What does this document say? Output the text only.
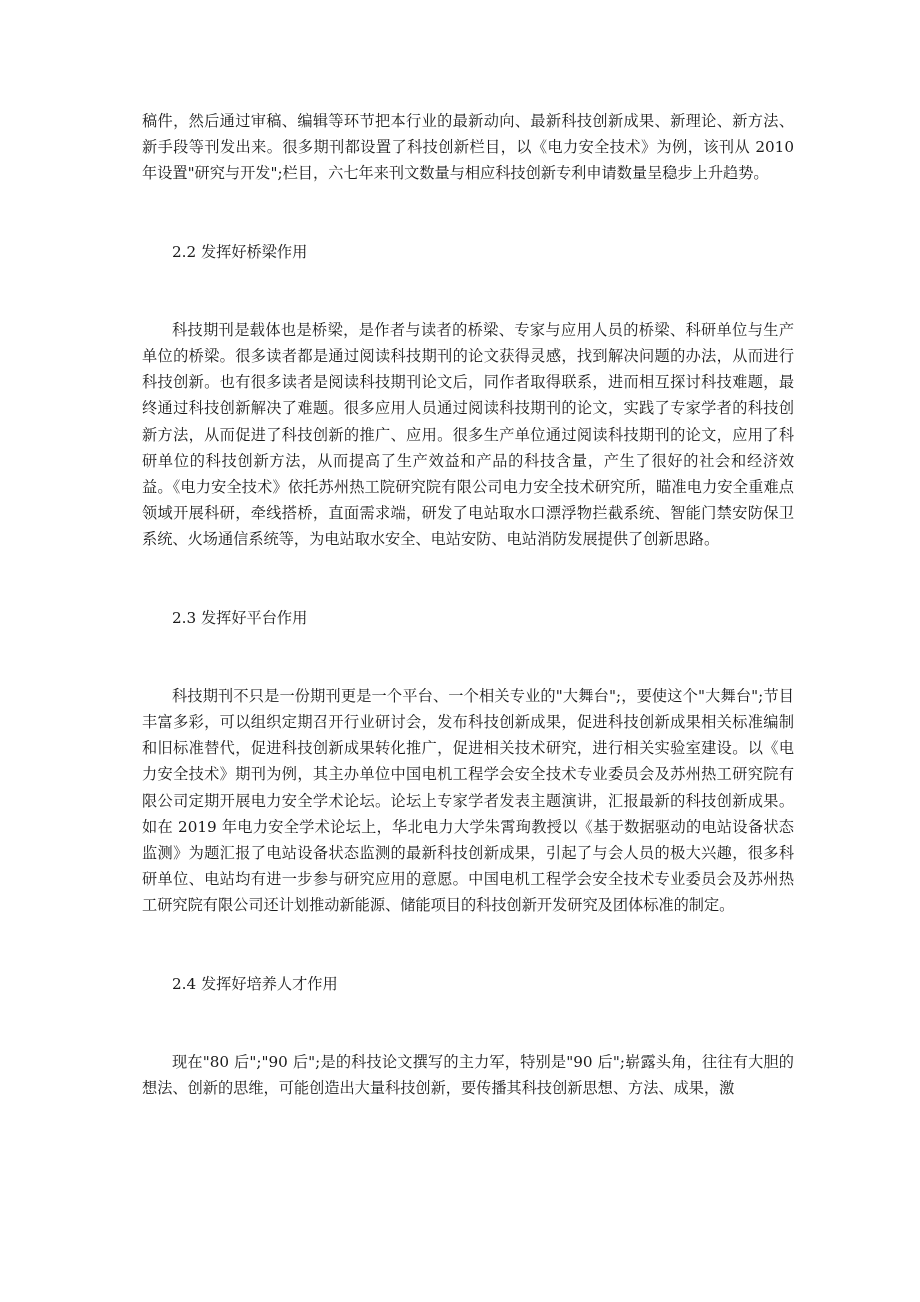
稿件，然后通过审稿、编辑等环节把本行业的最新动向、最新科技创新成果、新理论、新方法、新手段等刊发出来。很多期刊都设置了科技创新栏目，以《电力安全技术》为例，该刊从 2010 年设置"研究与开发";栏目，六七年来刊文数量与相应科技创新专利申请数量呈稳步上升趋势。

2.2 发挥好桥梁作用

科技期刊是载体也是桥梁，是作者与读者的桥梁、专家与应用人员的桥梁、科研单位与生产单位的桥梁。很多读者都是通过阅读科技期刊的论文获得灵感，找到解决问题的办法，从而进行科技创新。也有很多读者是阅读科技期刊论文后，同作者取得联系，进而相互探讨科技难题，最终通过科技创新解决了难题。很多应用人员通过阅读科技期刊的论文，实践了专家学者的科技创新方法，从而促进了科技创新的推广、应用。很多生产单位通过阅读科技期刊的论文，应用了科研单位的科技创新方法，从而提高了生产效益和产品的科技含量，产生了很好的社会和经济效益。《电力安全技术》依托苏州热工院研究院有限公司电力安全技术研究所，瞄准电力安全重难点领域开展科研，牵线搭桥，直面需求端，研发了电站取水口漂浮物拦截系统、智能门禁安防保卫系统、火场通信系统等，为电站取水安全、电站安防、电站消防发展提供了创新思路。

2.3 发挥好平台作用

科技期刊不只是一份期刊更是一个平台、一个相关专业的"大舞台";，要使这个"大舞台";节目丰富多彩，可以组织定期召开行业研讨会，发布科技创新成果，促进科技创新成果相关标准编制和旧标准替代，促进科技创新成果转化推广，促进相关技术研究，进行相关实验室建设。以《电力安全技术》期刊为例，其主办单位中国电机工程学会安全技术专业委员会及苏州热工研究院有限公司定期开展电力安全学术论坛。论坛上专家学者发表主题演讲，汇报最新的科技创新成果。如在 2019 年电力安全学术论坛上，华北电力大学朱霄珣教授以《基于数据驱动的电站设备状态监测》为题汇报了电站设备状态监测的最新科技创新成果，引起了与会人员的极大兴趣，很多科研单位、电站均有进一步参与研究应用的意愿。中国电机工程学会安全技术专业委员会及苏州热工研究院有限公司还计划推动新能源、储能项目的科技创新开发研究及团体标准的制定。

2.4 发挥好培养人才作用

现在"80 后";"90 后";是的科技论文撰写的主力军，特别是"90 后";崭露头角，往往有大胆的想法、创新的思维，可能创造出大量科技创新，要传播其科技创新思想、方法、成果，激
